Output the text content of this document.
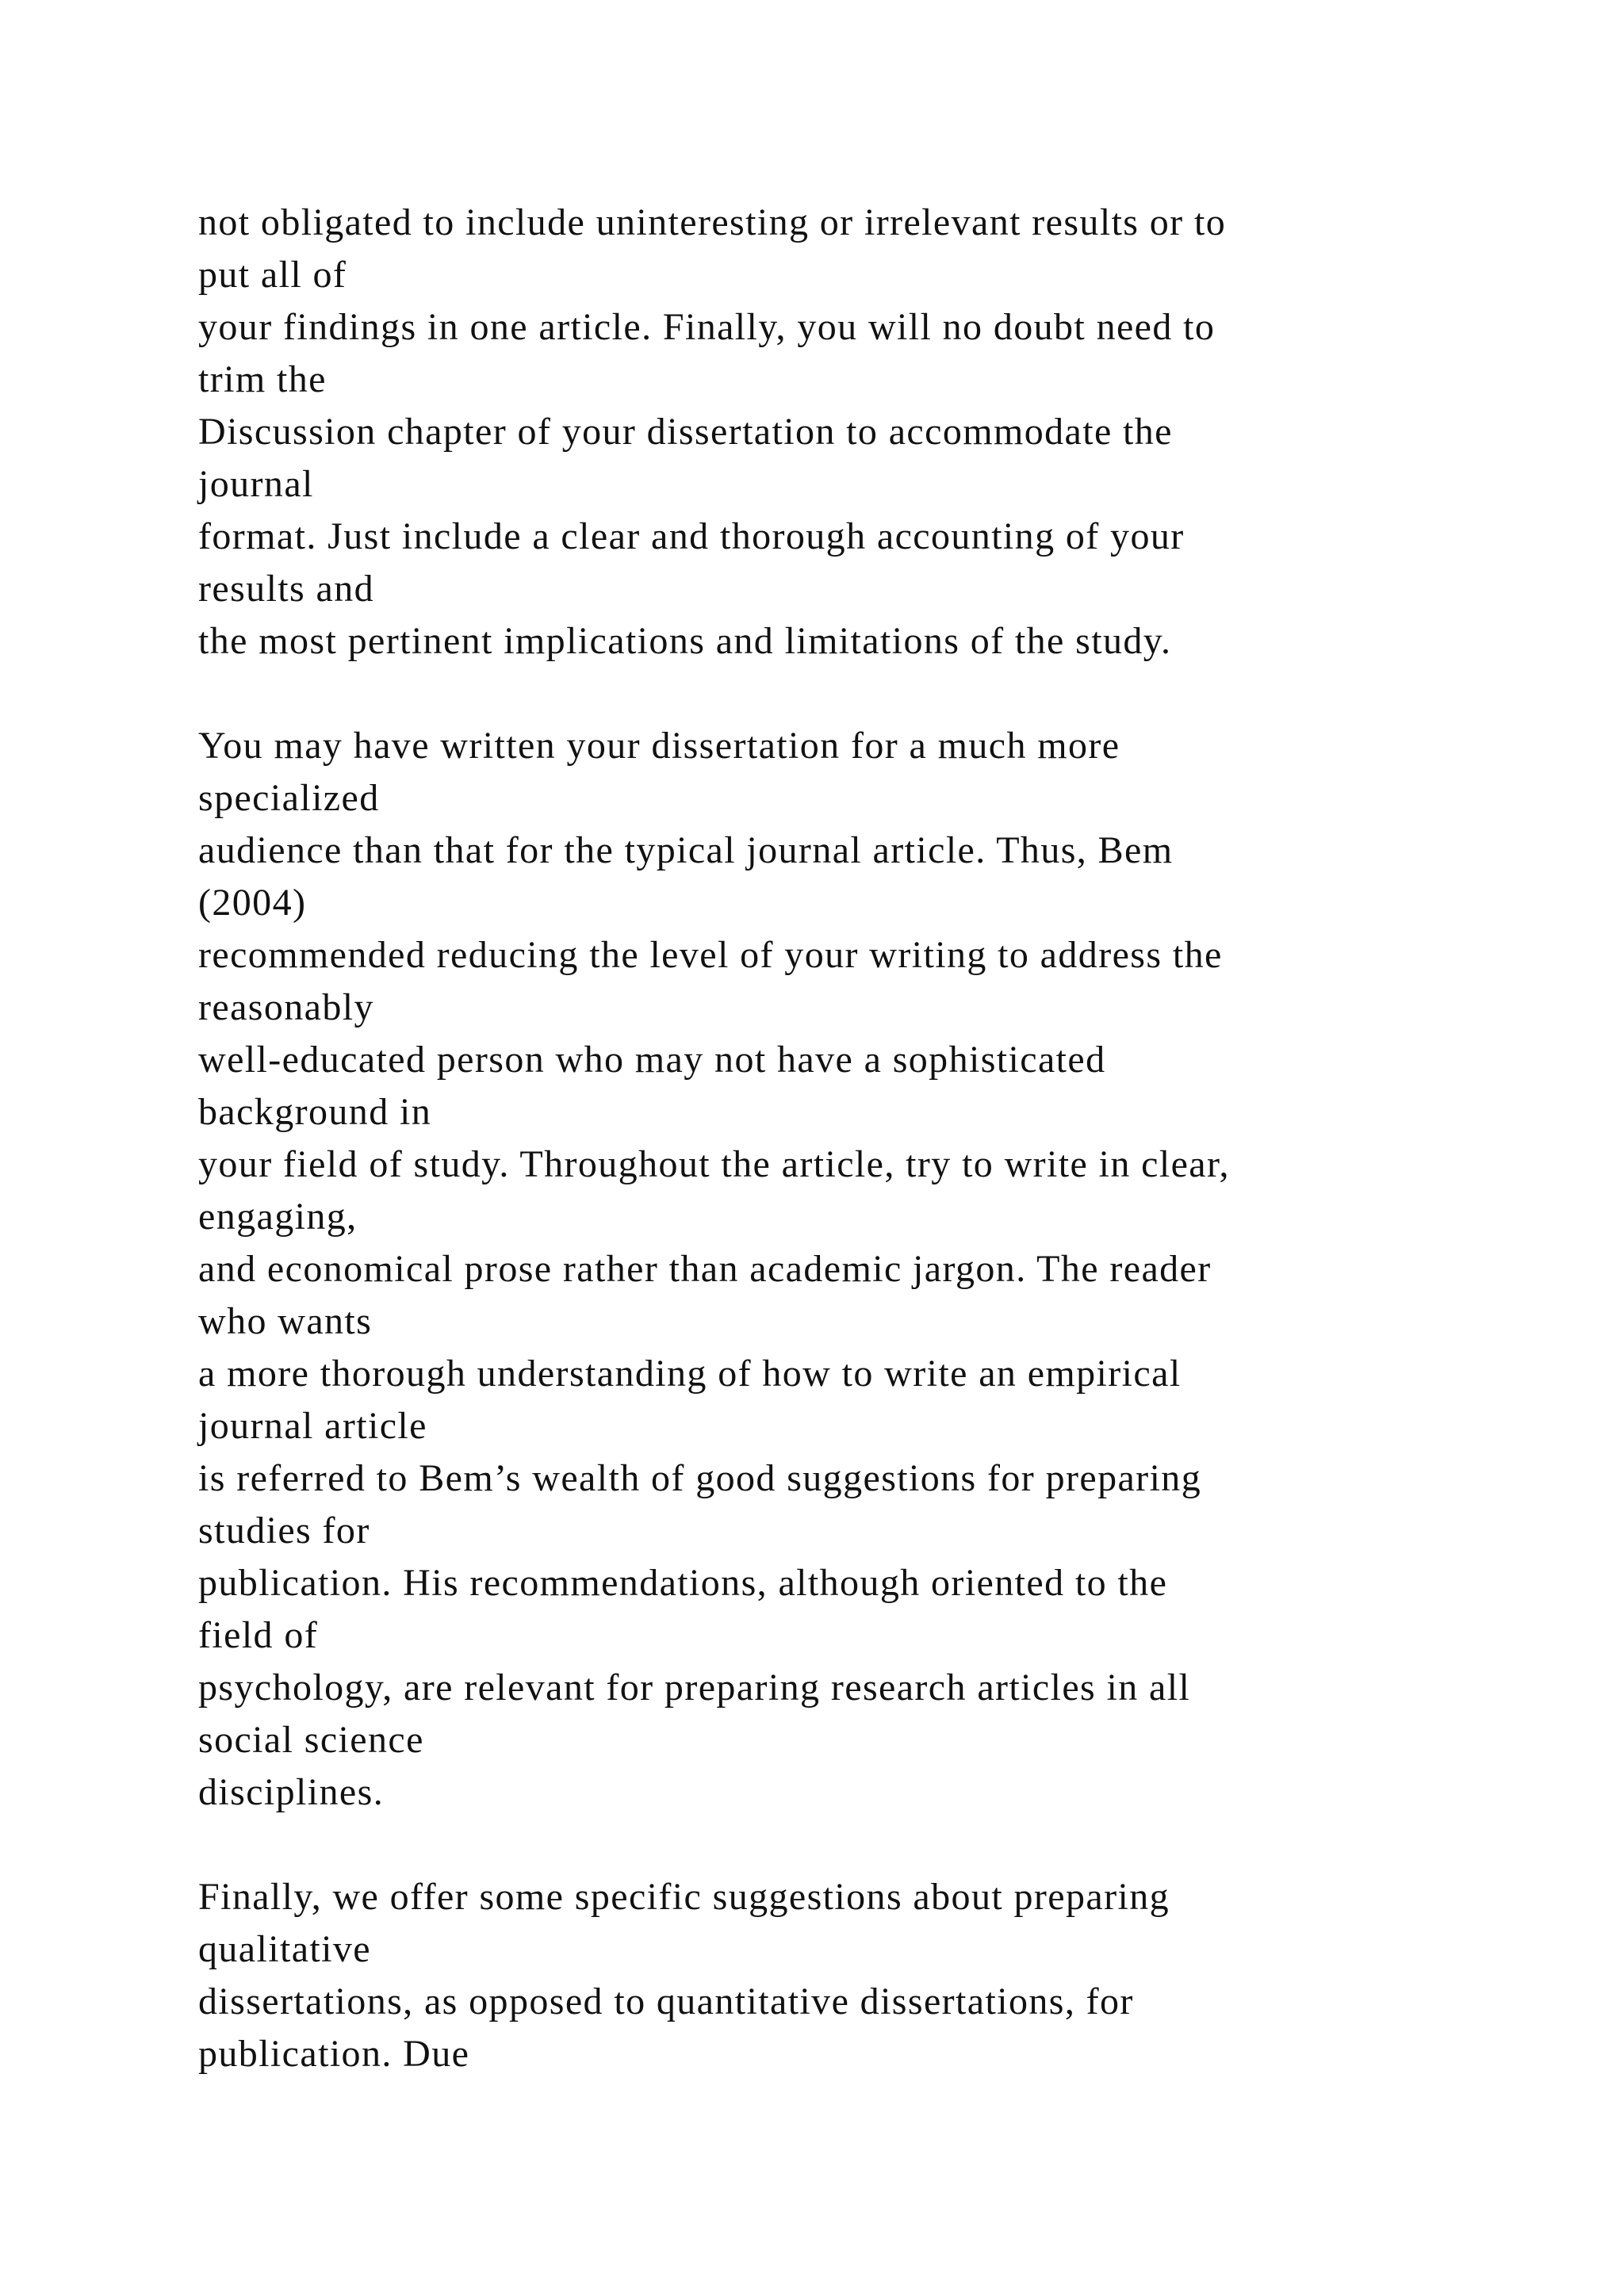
not obligated to include uninteresting or irrelevant results or to
put all of
your findings in one article. Finally, you will no doubt need to
trim the
Discussion chapter of your dissertation to accommodate the
journal
format. Just include a clear and thorough accounting of your
results and
the most pertinent implications and limitations of the study.
You may have written your dissertation for a much more
specialized
audience than that for the typical journal article. Thus, Bem
(2004)
recommended reducing the level of your writing to address the
reasonably
well-educated person who may not have a sophisticated
background in
your field of study. Throughout the article, try to write in clear,
engaging,
and economical prose rather than academic jargon. The reader
who wants
a more thorough understanding of how to write an empirical
journal article
is referred to Bem’s wealth of good suggestions for preparing
studies for
publication. His recommendations, although oriented to the
field of
psychology, are relevant for preparing research articles in all
social science
disciplines.
Finally, we offer some specific suggestions about preparing
qualitative
dissertations, as opposed to quantitative dissertations, for
publication. Due
